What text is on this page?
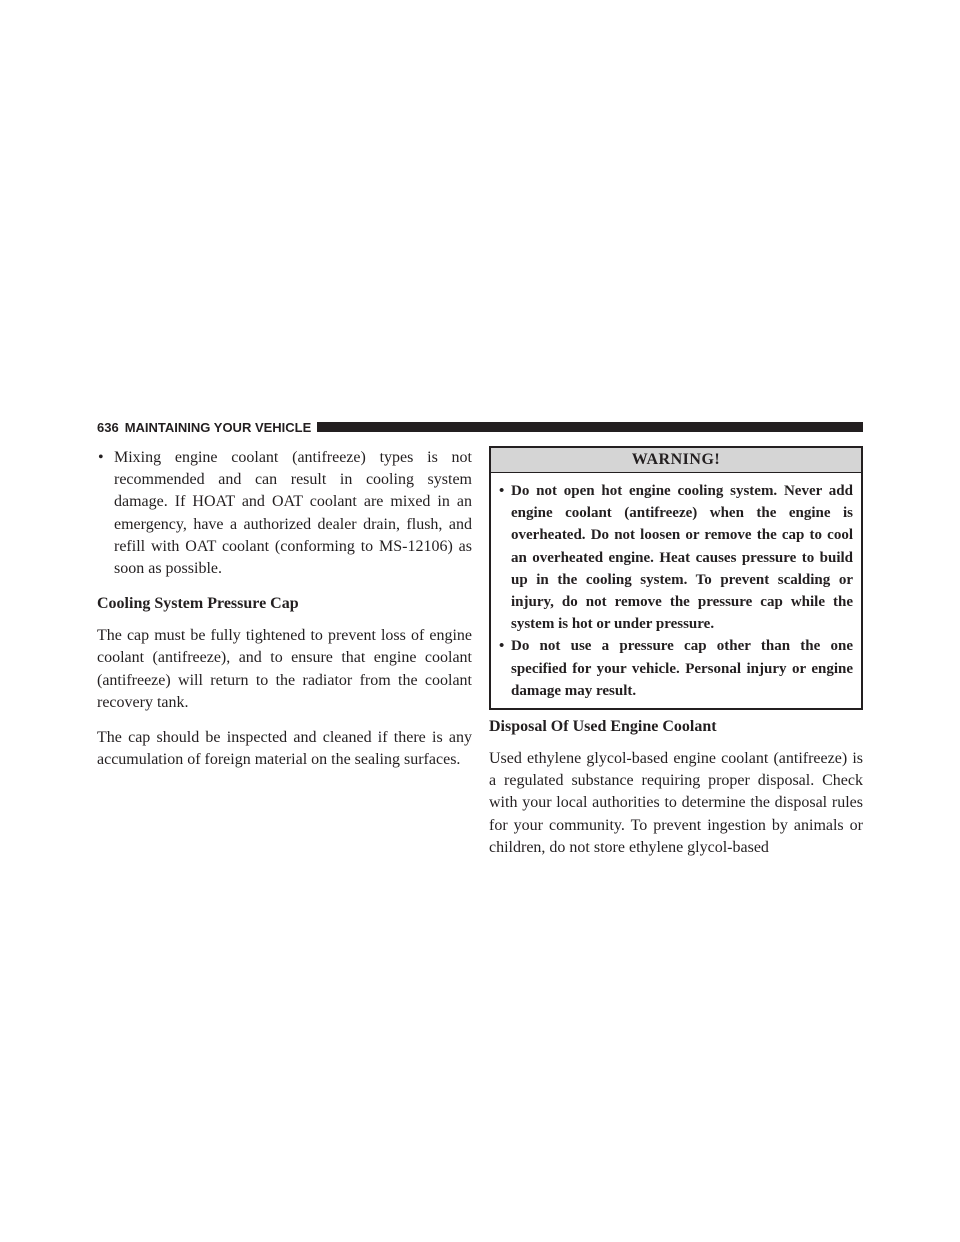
636 MAINTAINING YOUR VEHICLE
• Mixing engine coolant (antifreeze) types is not recommended and can result in cooling system damage. If HOAT and OAT coolant are mixed in an emergency, have a authorized dealer drain, flush, and refill with OAT coolant (conforming to MS-12106) as soon as possible.
Cooling System Pressure Cap

The cap must be fully tightened to prevent loss of engine coolant (antifreeze), and to ensure that engine coolant (antifreeze) will return to the radiator from the coolant recovery tank.

The cap should be inspected and cleaned if there is any accumulation of foreign material on the sealing surfaces.

WARNING!
• Do not open hot engine cooling system. Never add engine coolant (antifreeze) when the engine is overheated. Do not loosen or remove the cap to cool an overheated engine. Heat causes pressure to build up in the cooling system. To prevent scalding or injury, do not remove the pressure cap while the system is hot or under pressure.
• Do not use a pressure cap other than the one specified for your vehicle. Personal injury or engine damage may result.
Disposal Of Used Engine Coolant

Used ethylene glycol-based engine coolant (antifreeze) is a regulated substance requiring proper disposal. Check with your local authorities to determine the disposal rules for your community. To prevent ingestion by animals or children, do not store ethylene glycol-based
